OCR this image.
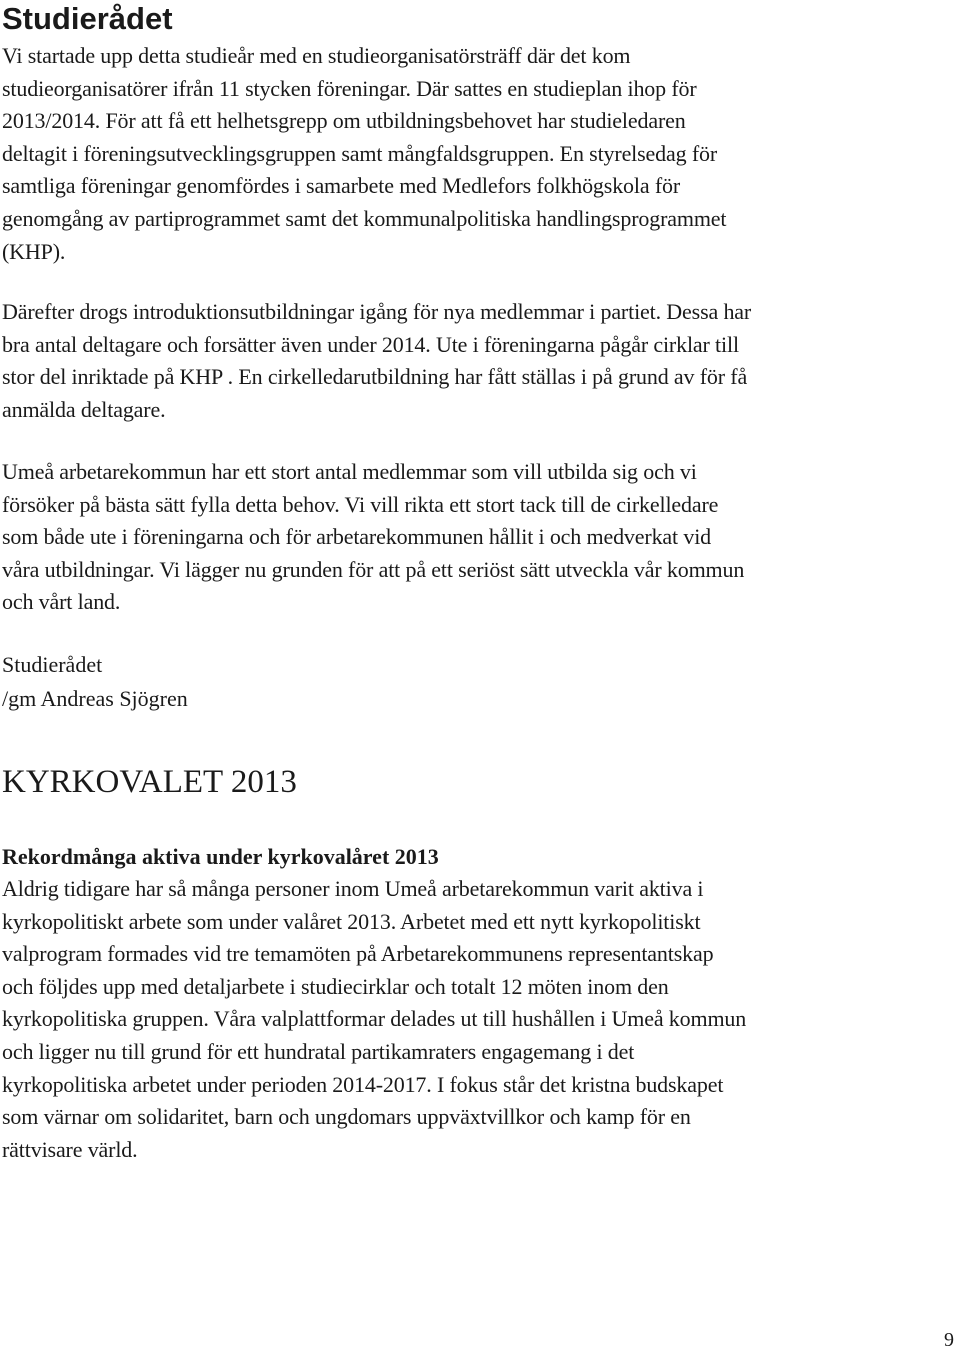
Studierådet

Vi startade upp detta studieår med en studieorganisatörsträff där det kom
studieorganisatörer ifrån 11 stycken föreningar. Där sattes en studieplan ihop för
2013/2014. För att få ett helhetsgrepp om utbildningsbehovet har studieledaren
deltagit i föreningsutvecklingsgruppen samt mångfaldsgruppen. En styrelsedag för
samtliga föreningar genomfördes i samarbete med Medlefors folkhögskola för
genomgång av partiprogrammet samt det kommunalpolitiska handlingsprogrammet
(KHP).

Därefter drogs introduktionsutbildningar igång för nya medlemmar i partiet. Dessa har
bra antal deltagare och forsätter även under 2014. Ute i föreningarna pågår cirklar till
stor del inriktade på KHP . En cirkelledarutbildning har fått ställas i på grund av för få
anmälda deltagare.

Umeå arbetarekommun har ett stort antal medlemmar som vill utbilda sig och vi
försöker på bästa sätt fylla detta behov. Vi vill rikta ett stort tack till de cirkelledare
som både ute i föreningarna och för arbetarekommunen hållit i och medverkat vid
våra utbildningar. Vi lägger nu grunden för att på ett seriöst sätt utveckla vår kommun
och vårt land.

Studierådet

/gm Andreas Sjögren

KYRKOVALET 2013
Rekordmånga aktiva under kyrkovalåret 2013

Aldrig tidigare har så många personer inom Umeå arbetarekommun varit aktiva i
kyrkopolitiskt arbete som under valåret 2013. Arbetet med ett nytt kyrkopolitiskt
valprogram formades vid tre temamöten på Arbetarekommunens representantskap
och följdes upp med detaljarbete i studiecirklar och totalt 12 möten inom den
kyrkopolitiska gruppen. Våra valplattformar delades ut till hushållen i Umeå kommun
och ligger nu till grund för ett hundratal partikamraters engagemang i det
kyrkopolitiska arbetet under perioden 2014-2017. I fokus står det kristna budskapet
som värnar om solidaritet, barn och ungdomars uppväxtvillkor och kamp för en
rättvisare värld.

9
